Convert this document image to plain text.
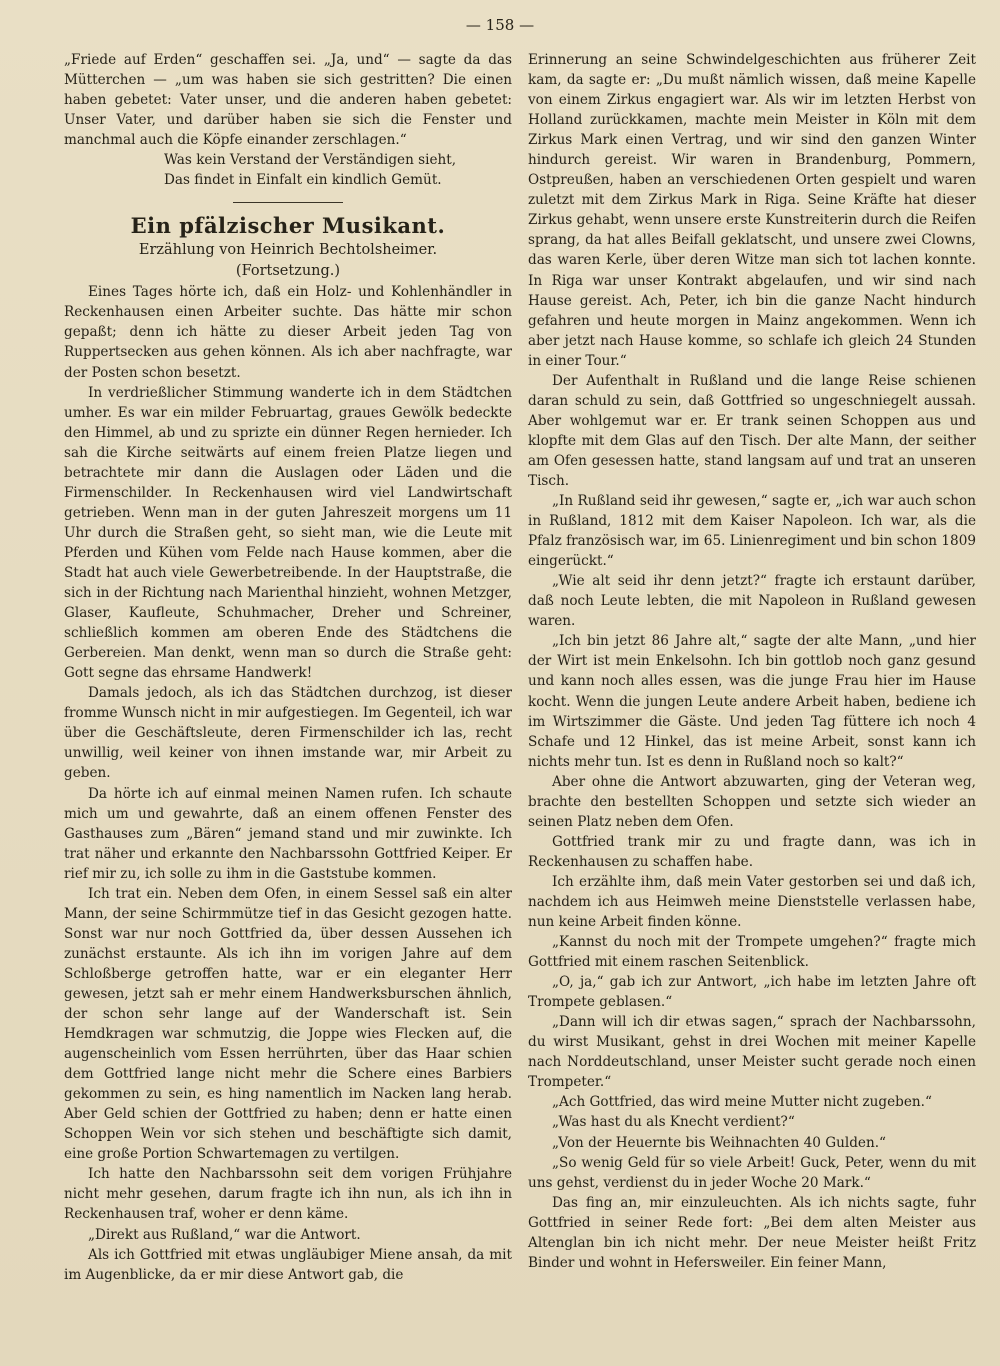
— 158 —

„Friede auf Erden“ geschaffen sei. „Ja, und“ — sagte da das Mütterchen — „um was haben sie sich gestritten? Die einen haben gebetet: Vater unser, und die anderen haben gebetet: Unser Vater, und darüber haben sie sich die Fenster und manchmal auch die Köpfe einander zerschlagen.“

Was kein Verstand der Verständigen sieht,

Das findet in Einfalt ein kindlich Gemüt.

Ein pfälzischer Musikant.

Erzählung von Heinrich Bechtolsheimer.

(Fortsetzung.)

Eines Tages hörte ich, daß ein Holz- und Kohlenhändler in Reckenhausen einen Arbeiter suchte. Das hätte mir schon gepaßt; denn ich hätte zu dieser Arbeit jeden Tag von Ruppertsecken aus gehen können. Als ich aber nachfragte, war der Posten schon besetzt.

In verdrießlicher Stimmung wanderte ich in dem Städtchen umher. Es war ein milder Februartag, graues Gewölk bedeckte den Himmel, ab und zu sprizte ein dünner Regen hernieder. Ich sah die Kirche seitwärts auf einem freien Platze liegen und betrachtete mir dann die Auslagen oder Läden und die Firmenschilder. In Reckenhausen wird viel Landwirtschaft getrieben. Wenn man in der guten Jahreszeit morgens um 11 Uhr durch die Straßen geht, so sieht man, wie die Leute mit Pferden und Kühen vom Felde nach Hause kommen, aber die Stadt hat auch viele Gewerbetreibende. In der Hauptstraße, die sich in der Richtung nach Marienthal hinzieht, wohnen Metzger, Glaser, Kaufleute, Schuhmacher, Dreher und Schreiner, schließlich kommen am oberen Ende des Städtchens die Gerbereien. Man denkt, wenn man so durch die Straße geht: Gott segne das ehrsame Handwerk!

Damals jedoch, als ich das Städtchen durchzog, ist dieser fromme Wunsch nicht in mir aufgestiegen. Im Gegenteil, ich war über die Geschäftsleute, deren Firmenschilder ich las, recht unwillig, weil keiner von ihnen imstande war, mir Arbeit zu geben.

Da hörte ich auf einmal meinen Namen rufen. Ich schaute mich um und gewahrte, daß an einem offenen Fenster des Gasthauses zum „Bären“ jemand stand und mir zuwinkte. Ich trat näher und erkannte den Nachbarssohn Gottfried Keiper. Er rief mir zu, ich solle zu ihm in die Gaststube kommen.

Ich trat ein. Neben dem Ofen, in einem Sessel saß ein alter Mann, der seine Schirmmütze tief in das Gesicht gezogen hatte. Sonst war nur noch Gottfried da, über dessen Aussehen ich zunächst erstaunte. Als ich ihn im vorigen Jahre auf dem Schloßberge getroffen hatte, war er ein eleganter Herr gewesen, jetzt sah er mehr einem Handwerksburschen ähnlich, der schon sehr lange auf der Wanderschaft ist. Sein Hemdkragen war schmutzig, die Joppe wies Flecken auf, die augenscheinlich vom Essen herrührten, über das Haar schien dem Gottfried lange nicht mehr die Schere eines Barbiers gekommen zu sein, es hing namentlich im Nacken lang herab. Aber Geld schien der Gottfried zu haben; denn er hatte einen Schoppen Wein vor sich stehen und beschäftigte sich damit, eine große Portion Schwartemagen zu vertilgen.

Ich hatte den Nachbarssohn seit dem vorigen Frühjahre nicht mehr gesehen, darum fragte ich ihn nun, als ich ihn in Reckenhausen traf, woher er denn käme.

„Direkt aus Rußland,“ war die Antwort.

Als ich Gottfried mit etwas ungläubiger Miene ansah, da mit im Augenblicke, da er mir diese Antwort gab, die

Erinnerung an seine Schwindelgeschichten aus früherer Zeit kam, da sagte er: „Du mußt nämlich wissen, daß meine Kapelle von einem Zirkus engagiert war. Als wir im letzten Herbst von Holland zurückkamen, machte mein Meister in Köln mit dem Zirkus Mark einen Vertrag, und wir sind den ganzen Winter hindurch gereist. Wir waren in Brandenburg, Pommern, Ostpreußen, haben an verschiedenen Orten gespielt und waren zuletzt mit dem Zirkus Mark in Riga. Seine Kräfte hat dieser Zirkus gehabt, wenn unsere erste Kunstreiterin durch die Reifen sprang, da hat alles Beifall geklatscht, und unsere zwei Clowns, das waren Kerle, über deren Witze man sich tot lachen konnte. In Riga war unser Kontrakt abgelaufen, und wir sind nach Hause gereist. Ach, Peter, ich bin die ganze Nacht hindurch gefahren und heute morgen in Mainz angekommen. Wenn ich aber jetzt nach Hause komme, so schlafe ich gleich 24 Stunden in einer Tour.“

Der Aufenthalt in Rußland und die lange Reise schienen daran schuld zu sein, daß Gottfried so ungeschniegelt aussah. Aber wohlgemut war er. Er trank seinen Schoppen aus und klopfte mit dem Glas auf den Tisch. Der alte Mann, der seither am Ofen gesessen hatte, stand langsam auf und trat an unseren Tisch.

„In Rußland seid ihr gewesen,“ sagte er, „ich war auch schon in Rußland, 1812 mit dem Kaiser Napoleon. Ich war, als die Pfalz französisch war, im 65. Linienregiment und bin schon 1809 eingerückt.“

„Wie alt seid ihr denn jetzt?“ fragte ich erstaunt darüber, daß noch Leute lebten, die mit Napoleon in Rußland gewesen waren.

„Ich bin jetzt 86 Jahre alt,“ sagte der alte Mann, „und hier der Wirt ist mein Enkelsohn. Ich bin gottlob noch ganz gesund und kann noch alles essen, was die junge Frau hier im Hause kocht. Wenn die jungen Leute andere Arbeit haben, bediene ich im Wirtszimmer die Gäste. Und jeden Tag füttere ich noch 4 Schafe und 12 Hinkel, das ist meine Arbeit, sonst kann ich nichts mehr tun. Ist es denn in Rußland noch so kalt?“

Aber ohne die Antwort abzuwarten, ging der Veteran weg, brachte den bestellten Schoppen und setzte sich wieder an seinen Platz neben dem Ofen.

Gottfried trank mir zu und fragte dann, was ich in Reckenhausen zu schaffen habe.

Ich erzählte ihm, daß mein Vater gestorben sei und daß ich, nachdem ich aus Heimweh meine Dienststelle verlassen habe, nun keine Arbeit finden könne.

„Kannst du noch mit der Trompete umgehen?“ fragte mich Gottfried mit einem raschen Seitenblick.

„O, ja,“ gab ich zur Antwort, „ich habe im letzten Jahre oft Trompete geblasen.“

„Dann will ich dir etwas sagen,“ sprach der Nachbarssohn, du wirst Musikant, gehst in drei Wochen mit meiner Kapelle nach Norddeutschland, unser Meister sucht gerade noch einen Trompeter.“

„Ach Gottfried, das wird meine Mutter nicht zugeben.“

„Was hast du als Knecht verdient?“

„Von der Heuernte bis Weihnachten 40 Gulden.“

„So wenig Geld für so viele Arbeit! Guck, Peter, wenn du mit uns gehst, verdienst du in jeder Woche 20 Mark.“

Das fing an, mir einzuleuchten. Als ich nichts sagte, fuhr Gottfried in seiner Rede fort: „Bei dem alten Meister aus Altenglan bin ich nicht mehr. Der neue Meister heißt Fritz Binder und wohnt in Hefersweiler. Ein feiner Mann,
